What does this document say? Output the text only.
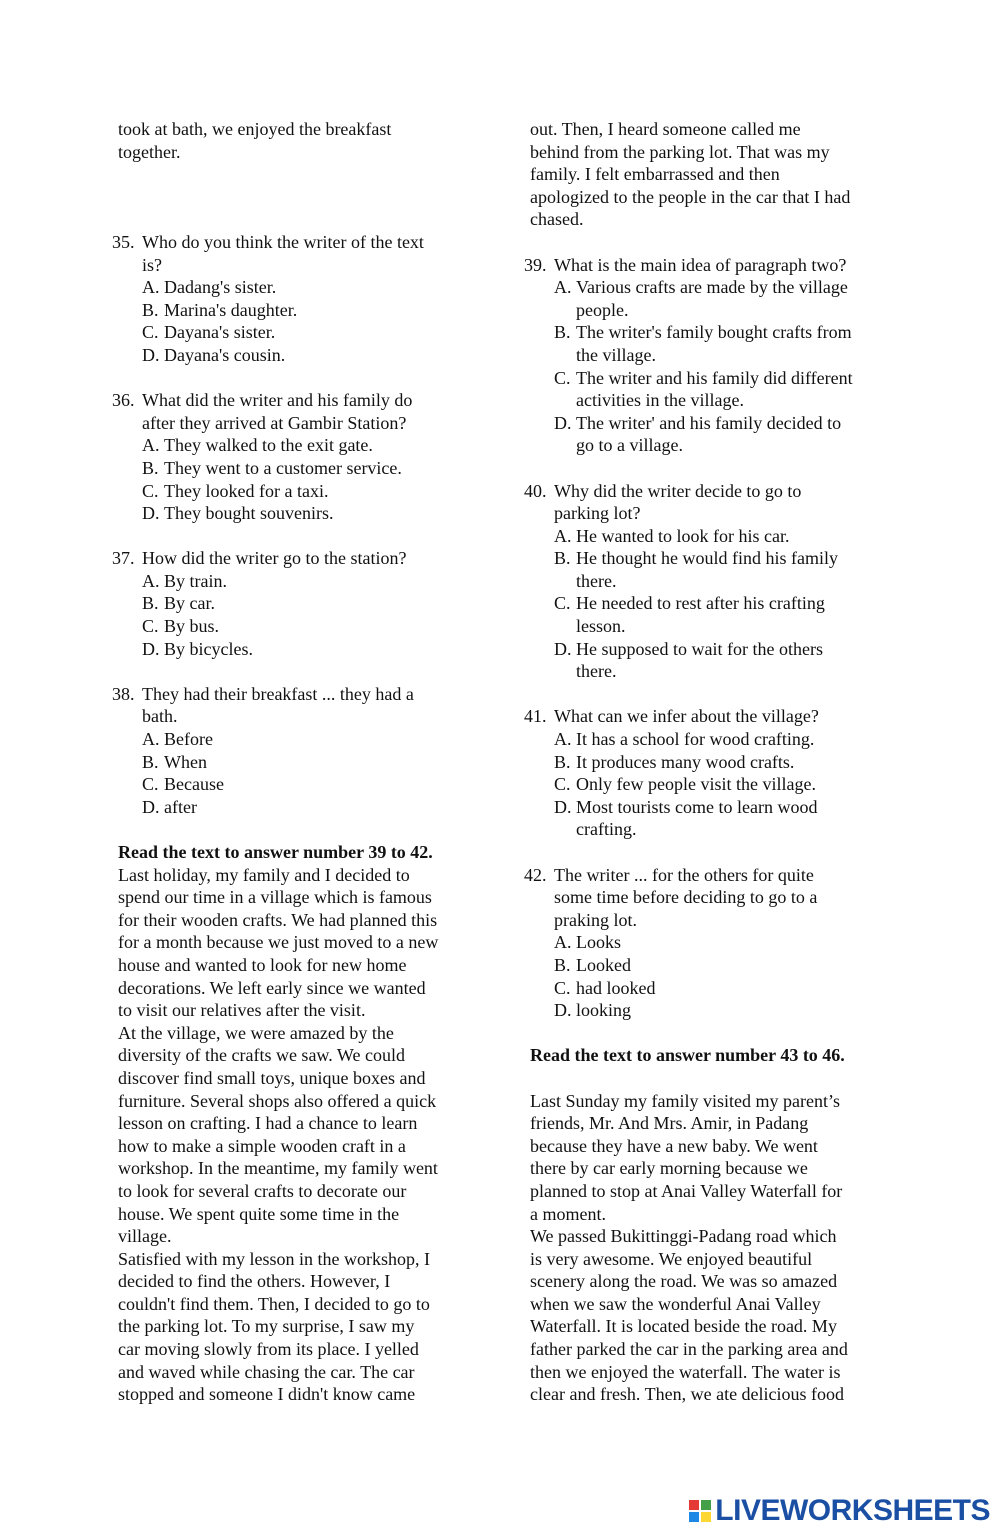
took at bath, we enjoyed the breakfast

together.

35. Who do you think the writer of the text

is?

A. Dadang's sister.
B. Marina's daughter.
C. Dayana's sister.
D. Dayana's cousin.
36. What did the writer and his family do

after they arrived at Gambir Station?

A. They walked to the exit gate.
B. They went to a customer service.
C. They looked for a taxi.
D. They bought souvenirs.
37. How did the writer go to the station?

A. By train.
B. By car.
C. By bus.
D. By bicycles.
38. They had their breakfast ... they had a

bath.

A. Before
B. When
C. Because
D. after

Read the text to answer number 39 to 42.

Last holiday, my family and I decided to

spend our time in a village which is famous

for their wooden crafts. We had planned this

for a month because we just moved to a new

house and wanted to look for new home

decorations. We left early since we wanted

to visit our relatives after the visit.

At the village, we were amazed by the

diversity of the crafts we saw. We could

discover find small toys, unique boxes and

furniture. Several shops also offered a quick

lesson on crafting. I had a chance to learn

how to make a simple wooden craft in a

workshop. In the meantime, my family went

to look for several crafts to decorate our

house. We spent quite some time in the

village.

Satisfied with my lesson in the workshop, I

decided to find the others. However, I

couldn't find them. Then, I decided to go to

the parking lot. To my surprise, I saw my

car moving slowly from its place. I yelled

and waved while chasing the car. The car

stopped and someone I didn't know came

out. Then, I heard someone called me

behind from the parking lot. That was my

family. I felt embarrassed and then

apologized to the people in the car that I had

chased.

39. What is the main idea of paragraph two?

A. Various crafts are made by the village
people.
B. The writer's family bought crafts from
the village.
C. The writer and his family did different
activities in the village.
D. The writer' and his family decided to
go to a village.
40. Why did the writer decide to go to

parking lot?

A. He wanted to look for his car.
B. He thought he would find his family
there.
C. He needed to rest after his crafting
lesson.
D. He supposed to wait for the others
there.
41. What can we infer about the village?

A. It has a school for wood crafting.
B. It produces many wood crafts.
C. Only few people visit the village.
D. Most tourists come to learn wood
crafting.
42. The writer ... for the others for quite

some time before deciding to go to a

praking lot.

A. Looks
B. Looked
C. had looked
D. looking

Read the text to answer number 43 to 46.

Last Sunday my family visited my parent’s

friends, Mr. And Mrs. Amir, in Padang

because they have a new baby. We went

there by car early morning because we

planned to stop at Anai Valley Waterfall for

a moment.

We passed Bukittinggi-Padang road which

is very awesome. We enjoyed beautiful

scenery along the road. We was so amazed

when we saw the wonderful Anai Valley

Waterfall. It is located beside the road. My

father parked the car in the parking area and

then we enjoyed the waterfall. The water is

clear and fresh. Then, we ate delicious food

LIVEWORKSHEETS
